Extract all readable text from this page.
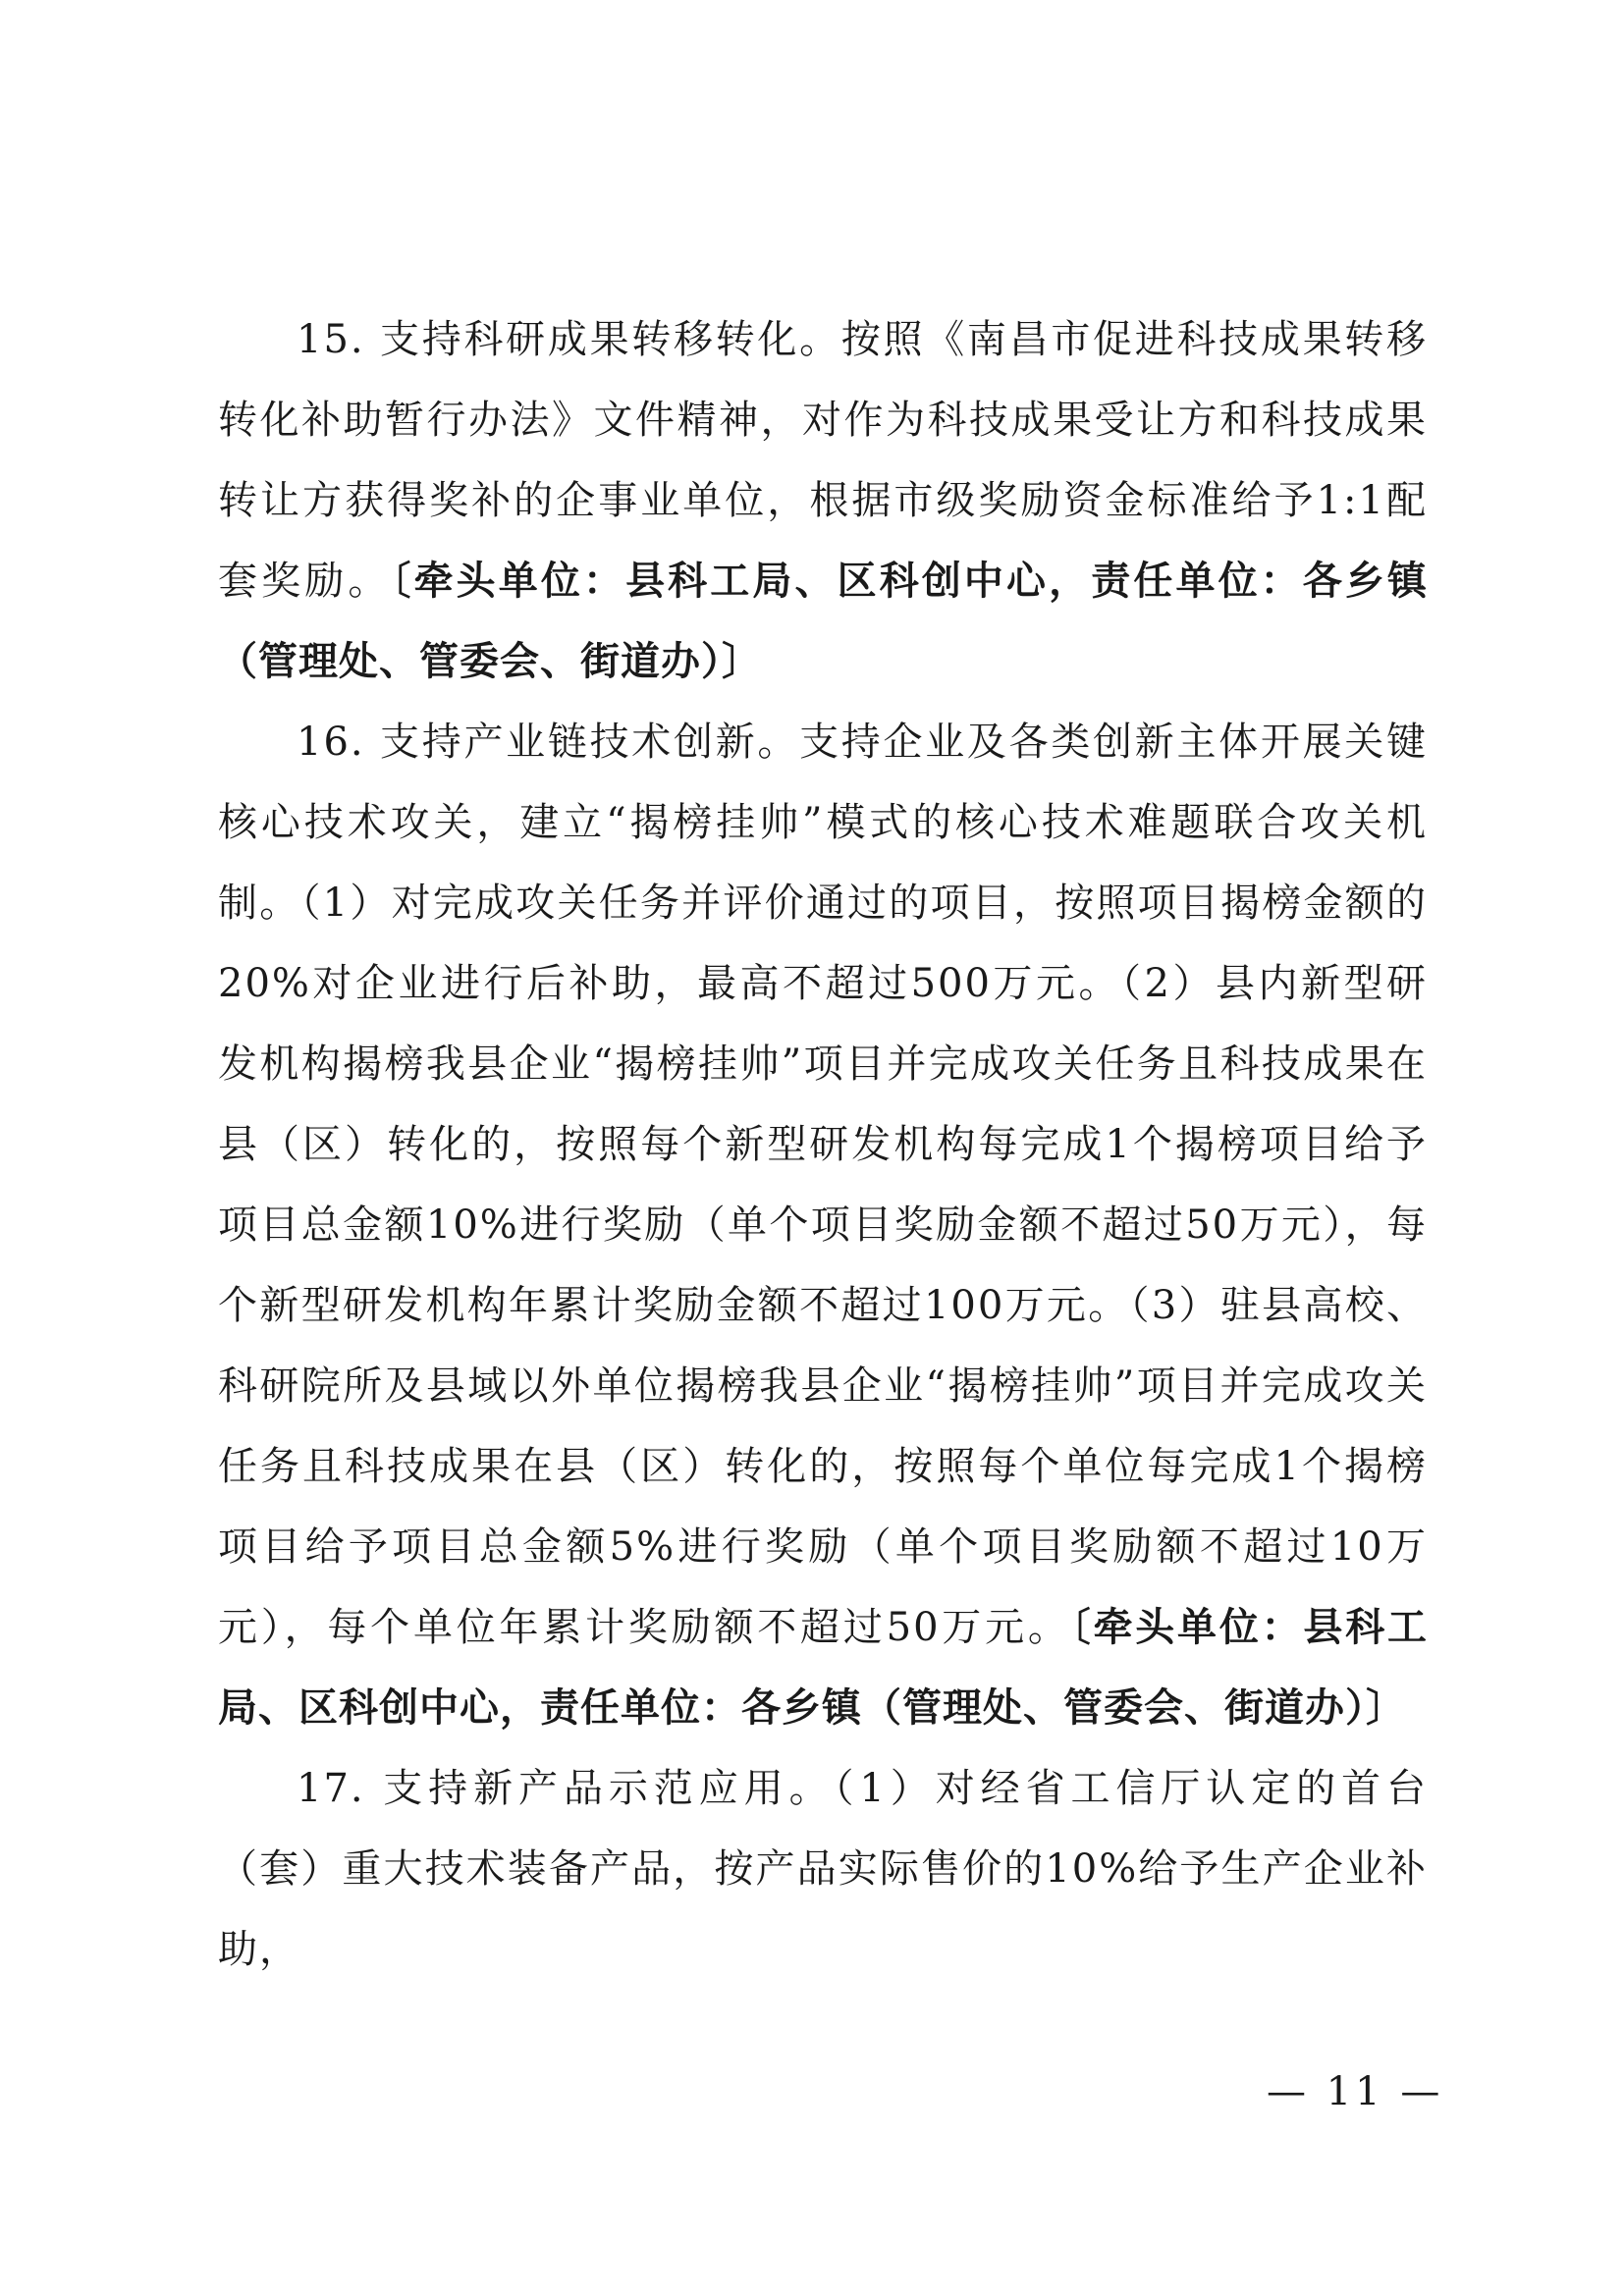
15. 支持科研成果转移转化。按照《南昌市促进科技成果转移转化补助暂行办法》文件精神，对作为科技成果受让方和科技成果转让方获得奖补的企事业单位，根据市级奖励资金标准给予1:1配套奖励。〔牵头单位：县科工局、区科创中心，责任单位：各乡镇（管理处、管委会、街道办）〕

16. 支持产业链技术创新。支持企业及各类创新主体开展关键核心技术攻关，建立“揭榜挂帅”模式的核心技术难题联合攻关机制。（1）对完成攻关任务并评价通过的项目，按照项目揭榜金额的20%对企业进行后补助，最高不超过500万元。（2）县内新型研发机构揭榜我县企业“揭榜挂帅”项目并完成攻关任务且科技成果在县（区）转化的，按照每个新型研发机构每完成1个揭榜项目给予项目总金额10%进行奖励（单个项目奖励金额不超过50万元），每个新型研发机构年累计奖励金额不超过100万元。（3）驻县高校、科研院所及县域以外单位揭榜我县企业“揭榜挂帅”项目并完成攻关任务且科技成果在县（区）转化的，按照每个单位每完成1个揭榜项目给予项目总金额5%进行奖励（单个项目奖励额不超过10万元），每个单位年累计奖励额不超过50万元。〔牵头单位：县科工局、区科创中心，责任单位：各乡镇（管理处、管委会、街道办）〕

17. 支持新产品示范应用。（1）对经省工信厅认定的首台（套）重大技术装备产品，按产品实际售价的10%给予生产企业补助，

— 11 —
